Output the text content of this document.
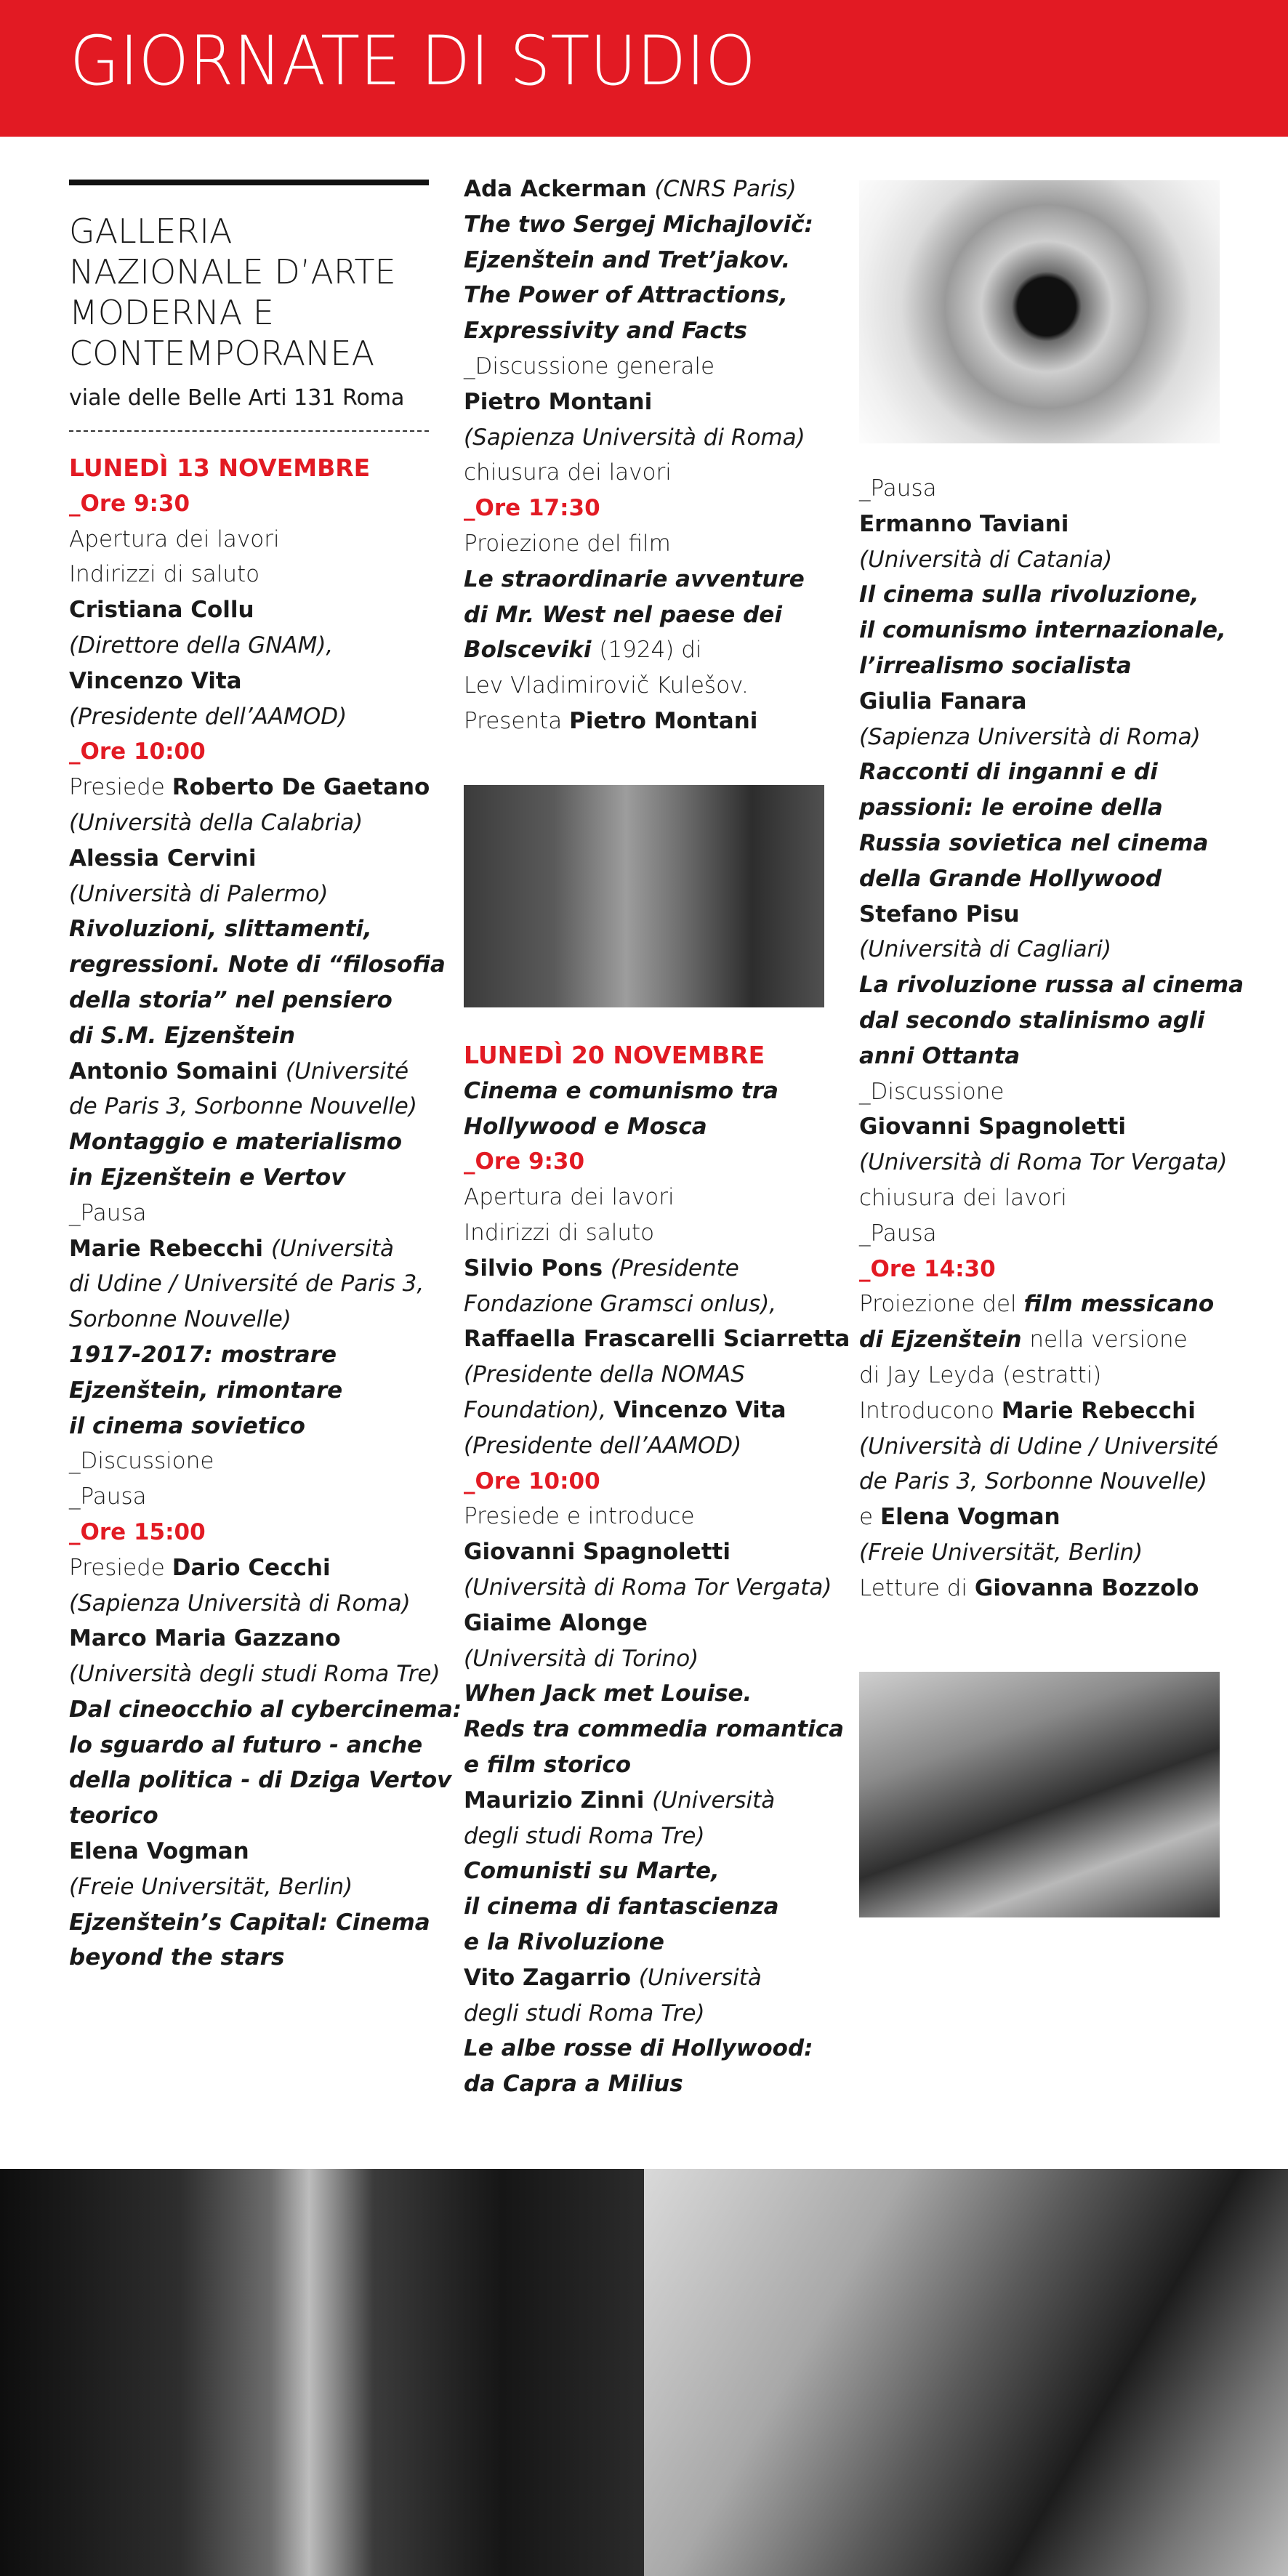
GIORNATE DI STUDIO
GALLERIA
NAZIONALE D’ARTE
MODERNA E
CONTEMPORANEA
viale delle Belle Arti 131 Roma
LUNEDÌ 13 NOVEMBRE
_Ore 9:30
Apertura dei lavori
Indirizzi di saluto
Cristiana Collu
(Direttore della GNAM),
Vincenzo Vita
(Presidente dell’AAMOD)
_Ore 10:00
Presiede Roberto De Gaetano
(Università della Calabria)
Alessia Cervini
(Università di Palermo)
Rivoluzioni, slittamenti,
regressioni. Note di “filosofia
della storia” nel pensiero
di S.M. Ejzenštein
Antonio Somaini (Université
de Paris 3, Sorbonne Nouvelle)
Montaggio e materialismo
in Ejzenštein e Vertov
_Pausa
Marie Rebecchi (Università
di Udine / Université de Paris 3,
Sorbonne Nouvelle)
1917-2017: mostrare
Ejzenštein, rimontare
il cinema sovietico
_Discussione
_Pausa
_Ore 15:00
Presiede Dario Cecchi
(Sapienza Università di Roma)
Marco Maria Gazzano
(Università degli studi Roma Tre)
Dal cineocchio al cybercinema:
lo sguardo al futuro - anche
della politica - di Dziga Vertov
teorico
Elena Vogman
(Freie Universität, Berlin)
Ejzenštein’s Capital: Cinema
beyond the stars
Ada Ackerman (CNRS Paris)
The two Sergej Michajlovič:
Ejzenštein and Tret’jakov.
The Power of Attractions,
Expressivity and Facts
_Discussione generale
Pietro Montani
(Sapienza Università di Roma)
chiusura dei lavori
_Ore 17:30
Proiezione del film
Le straordinarie avventure
di Mr. West nel paese dei
Bolsceviki (1924) di
Lev Vladimirovič Kulešov.
Presenta Pietro Montani
LUNEDÌ 20 NOVEMBRE
Cinema e comunismo tra
Hollywood e Mosca
_Ore 9:30
Apertura dei lavori
Indirizzi di saluto
Silvio Pons (Presidente
Fondazione Gramsci onlus),
Raffaella Frascarelli Sciarretta
(Presidente della NOMAS
Foundation), Vincenzo Vita
(Presidente dell’AAMOD)
_Ore 10:00
Presiede e introduce
Giovanni Spagnoletti
(Università di Roma Tor Vergata)
Giaime Alonge
(Università di Torino)
When Jack met Louise.
Reds tra commedia romantica
e film storico
Maurizio Zinni (Università
degli studi Roma Tre)
Comunisti su Marte,
il cinema di fantascienza
e la Rivoluzione
Vito Zagarrio (Università
degli studi Roma Tre)
Le albe rosse di Hollywood:
da Capra a Milius
_Pausa
Ermanno Taviani
(Università di Catania)
Il cinema sulla rivoluzione,
il comunismo internazionale,
l’irrealismo socialista
Giulia Fanara
(Sapienza Università di Roma)
Racconti di inganni e di
passioni: le eroine della
Russia sovietica nel cinema
della Grande Hollywood
Stefano Pisu
(Università di Cagliari)
La rivoluzione russa al cinema
dal secondo stalinismo agli
anni Ottanta
_Discussione
Giovanni Spagnoletti
(Università di Roma Tor Vergata)
chiusura dei lavori
_Pausa
_Ore 14:30
Proiezione del film messicano
di Ejzenštein nella versione
di Jay Leyda (estratti)
Introducono Marie Rebecchi
(Università di Udine / Université
de Paris 3, Sorbonne Nouvelle)
e Elena Vogman
(Freie Universität, Berlin)
Letture di Giovanna Bozzolo
